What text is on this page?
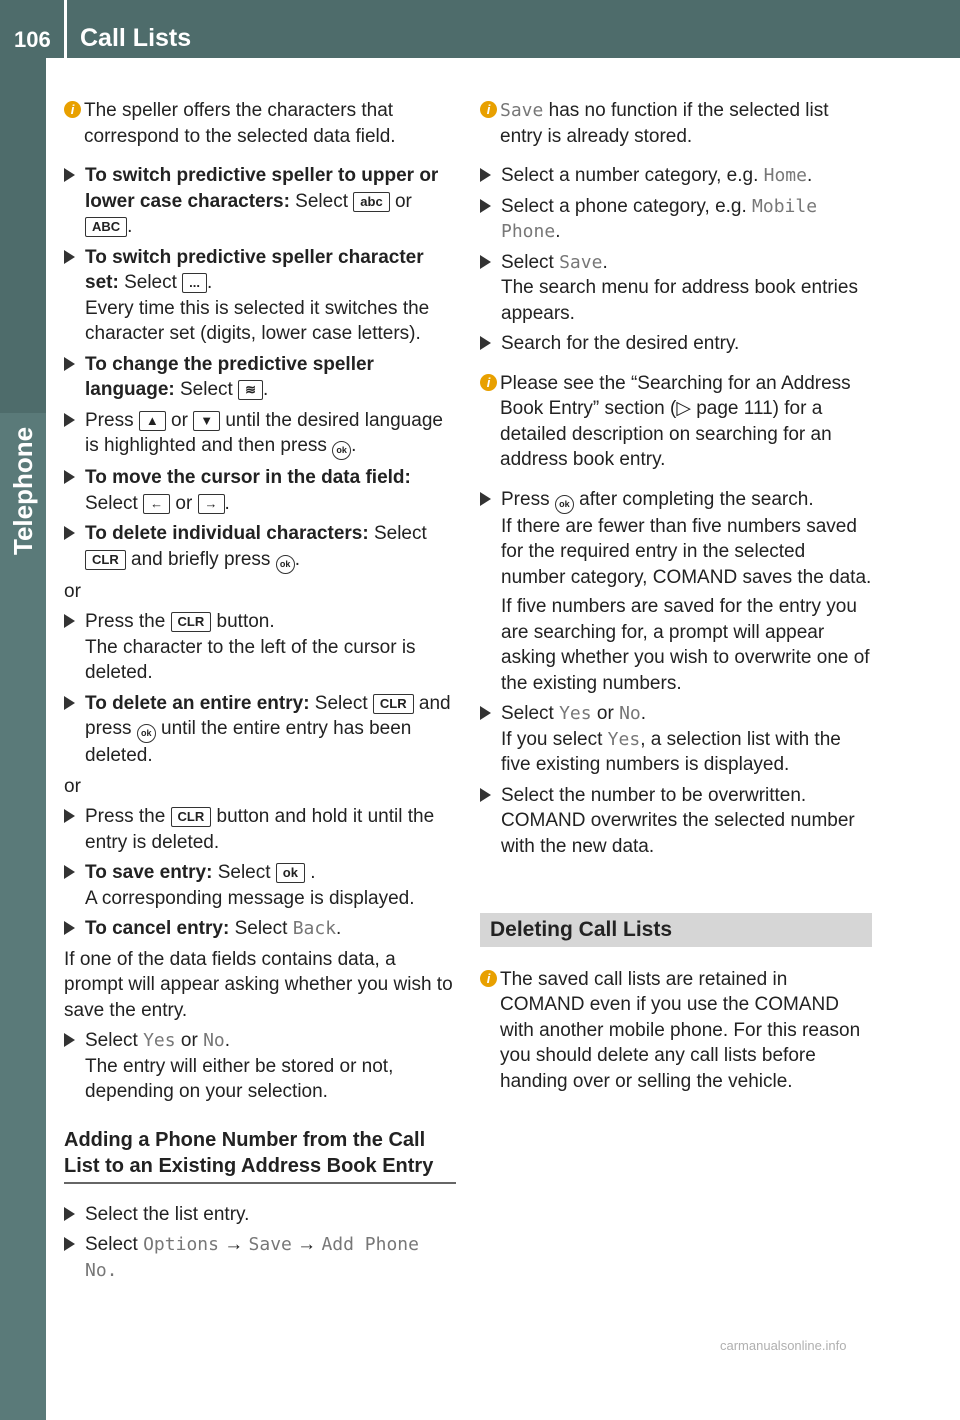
106 Call Lists
Telephone
i The speller offers the characters that correspond to the selected data field.
To switch predictive speller to upper or lower case characters: Select abc or ABC .
To switch predictive speller character set: Select ... .
Every time this is selected it switches the character set (digits, lower case letters).
To change the predictive speller language: Select ≋ .
Press ▲ or ▼ until the desired language is highlighted and then press ok .
To move the cursor in the data field: Select ← or → .
To delete individual characters: Select CLR and briefly press ok .
or
Press the CLR button.
The character to the left of the cursor is deleted.
To delete an entire entry: Select CLR and press ok until the entire entry has been deleted.
or
Press the CLR button and hold it until the entry is deleted.
To save entry: Select ok .
A corresponding message is displayed.
To cancel entry: Select Back.
If one of the data fields contains data, a prompt will appear asking whether you wish to save the entry.
Select Yes or No.
The entry will either be stored or not, depending on your selection.
Adding a Phone Number from the Call List to an Existing Address Book Entry
Select the list entry.
Select Options → Save → Add Phone No.
i Save has no function if the selected list entry is already stored.
Select a number category, e.g. Home.
Select a phone category, e.g. Mobile Phone.
Select Save.
The search menu for address book entries appears.
Search for the desired entry.
i Please see the “Searching for an Address Book Entry” section (▷ page 111) for a detailed description on searching for an address book entry.
Press ok after completing the search.
If there are fewer than five numbers saved for the required entry in the selected number category, COMAND saves the data.
If five numbers are saved for the entry you are searching for, a prompt will appear asking whether you wish to overwrite one of the existing numbers.
Select Yes or No.
If you select Yes, a selection list with the five existing numbers is displayed.
Select the number to be overwritten.
COMAND overwrites the selected number with the new data.
Deleting Call Lists
i The saved call lists are retained in COMAND even if you use the COMAND with another mobile phone. For this reason you should delete any call lists before handing over or selling the vehicle.
carmanualsonline.info
